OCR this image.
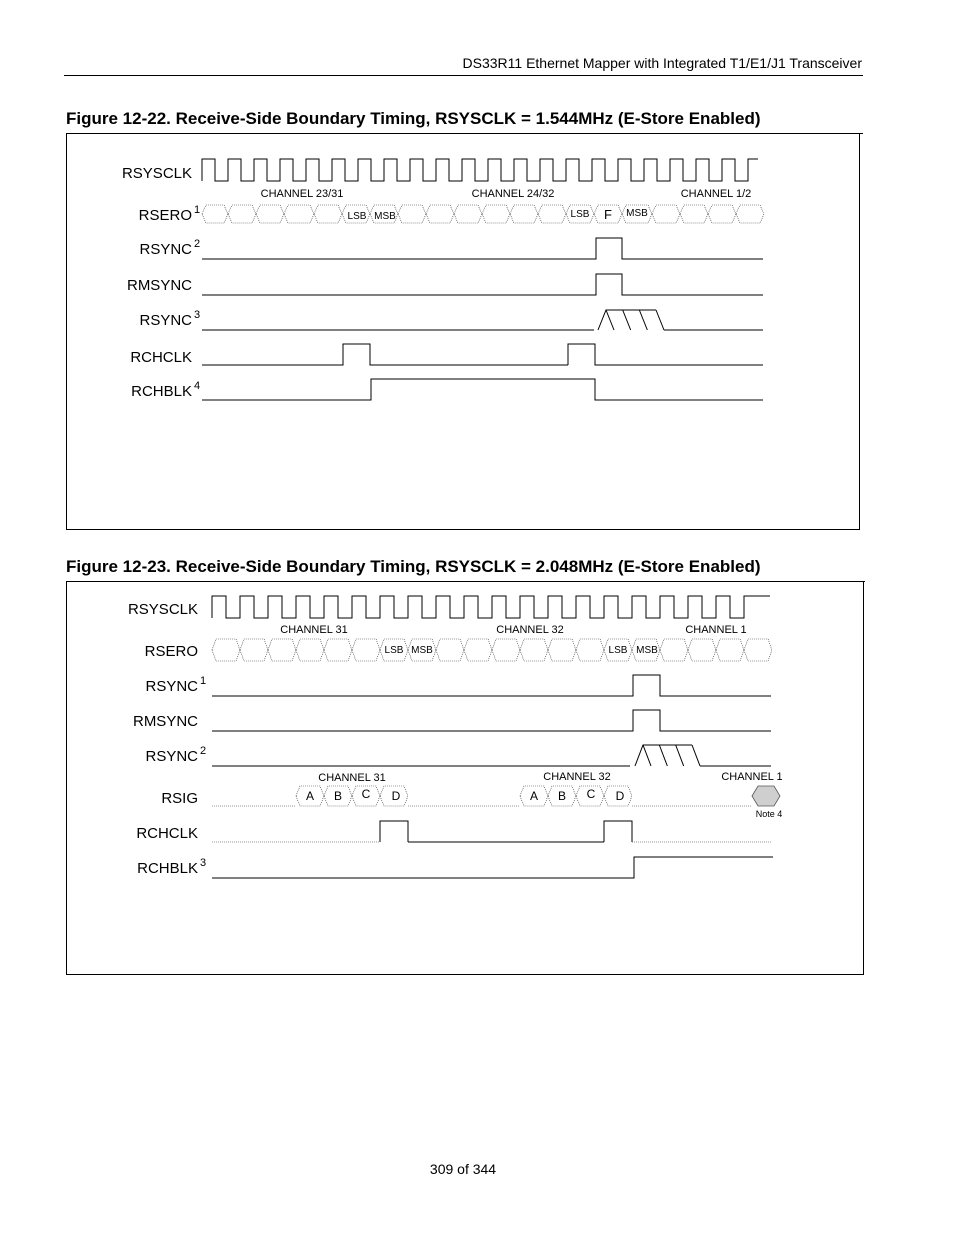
DS33R11 Ethernet Mapper with Integrated T1/E1/J1 Transceiver
Figure 12-22. Receive-Side Boundary Timing, RSYSCLK = 1.544MHz (E-Store Enabled)
Figure 12-23. Receive-Side Boundary Timing, RSYSCLK = 2.048MHz (E-Store Enabled)
RSYSCLK
RSERO 1
RSYNC 2
RMSYNC
RSYNC 3
RCHCLK
RCHBLK 4
CHANNEL 23/31	CHANNEL 24/32	CHANNEL 1/2
LSB MSB	LSB F MSB
RSYSCLK
RSERO
RSYNC 1
RMSYNC
RSYNC 2
RSIG
RCHCLK
RCHBLK 3
CHANNEL 31	CHANNEL 32	CHANNEL 1
LSB MSB	LSB MSB
CHANNEL 31	CHANNEL 32	CHANNEL 1
A B C D	A B C D
Note 4
309 of 344
